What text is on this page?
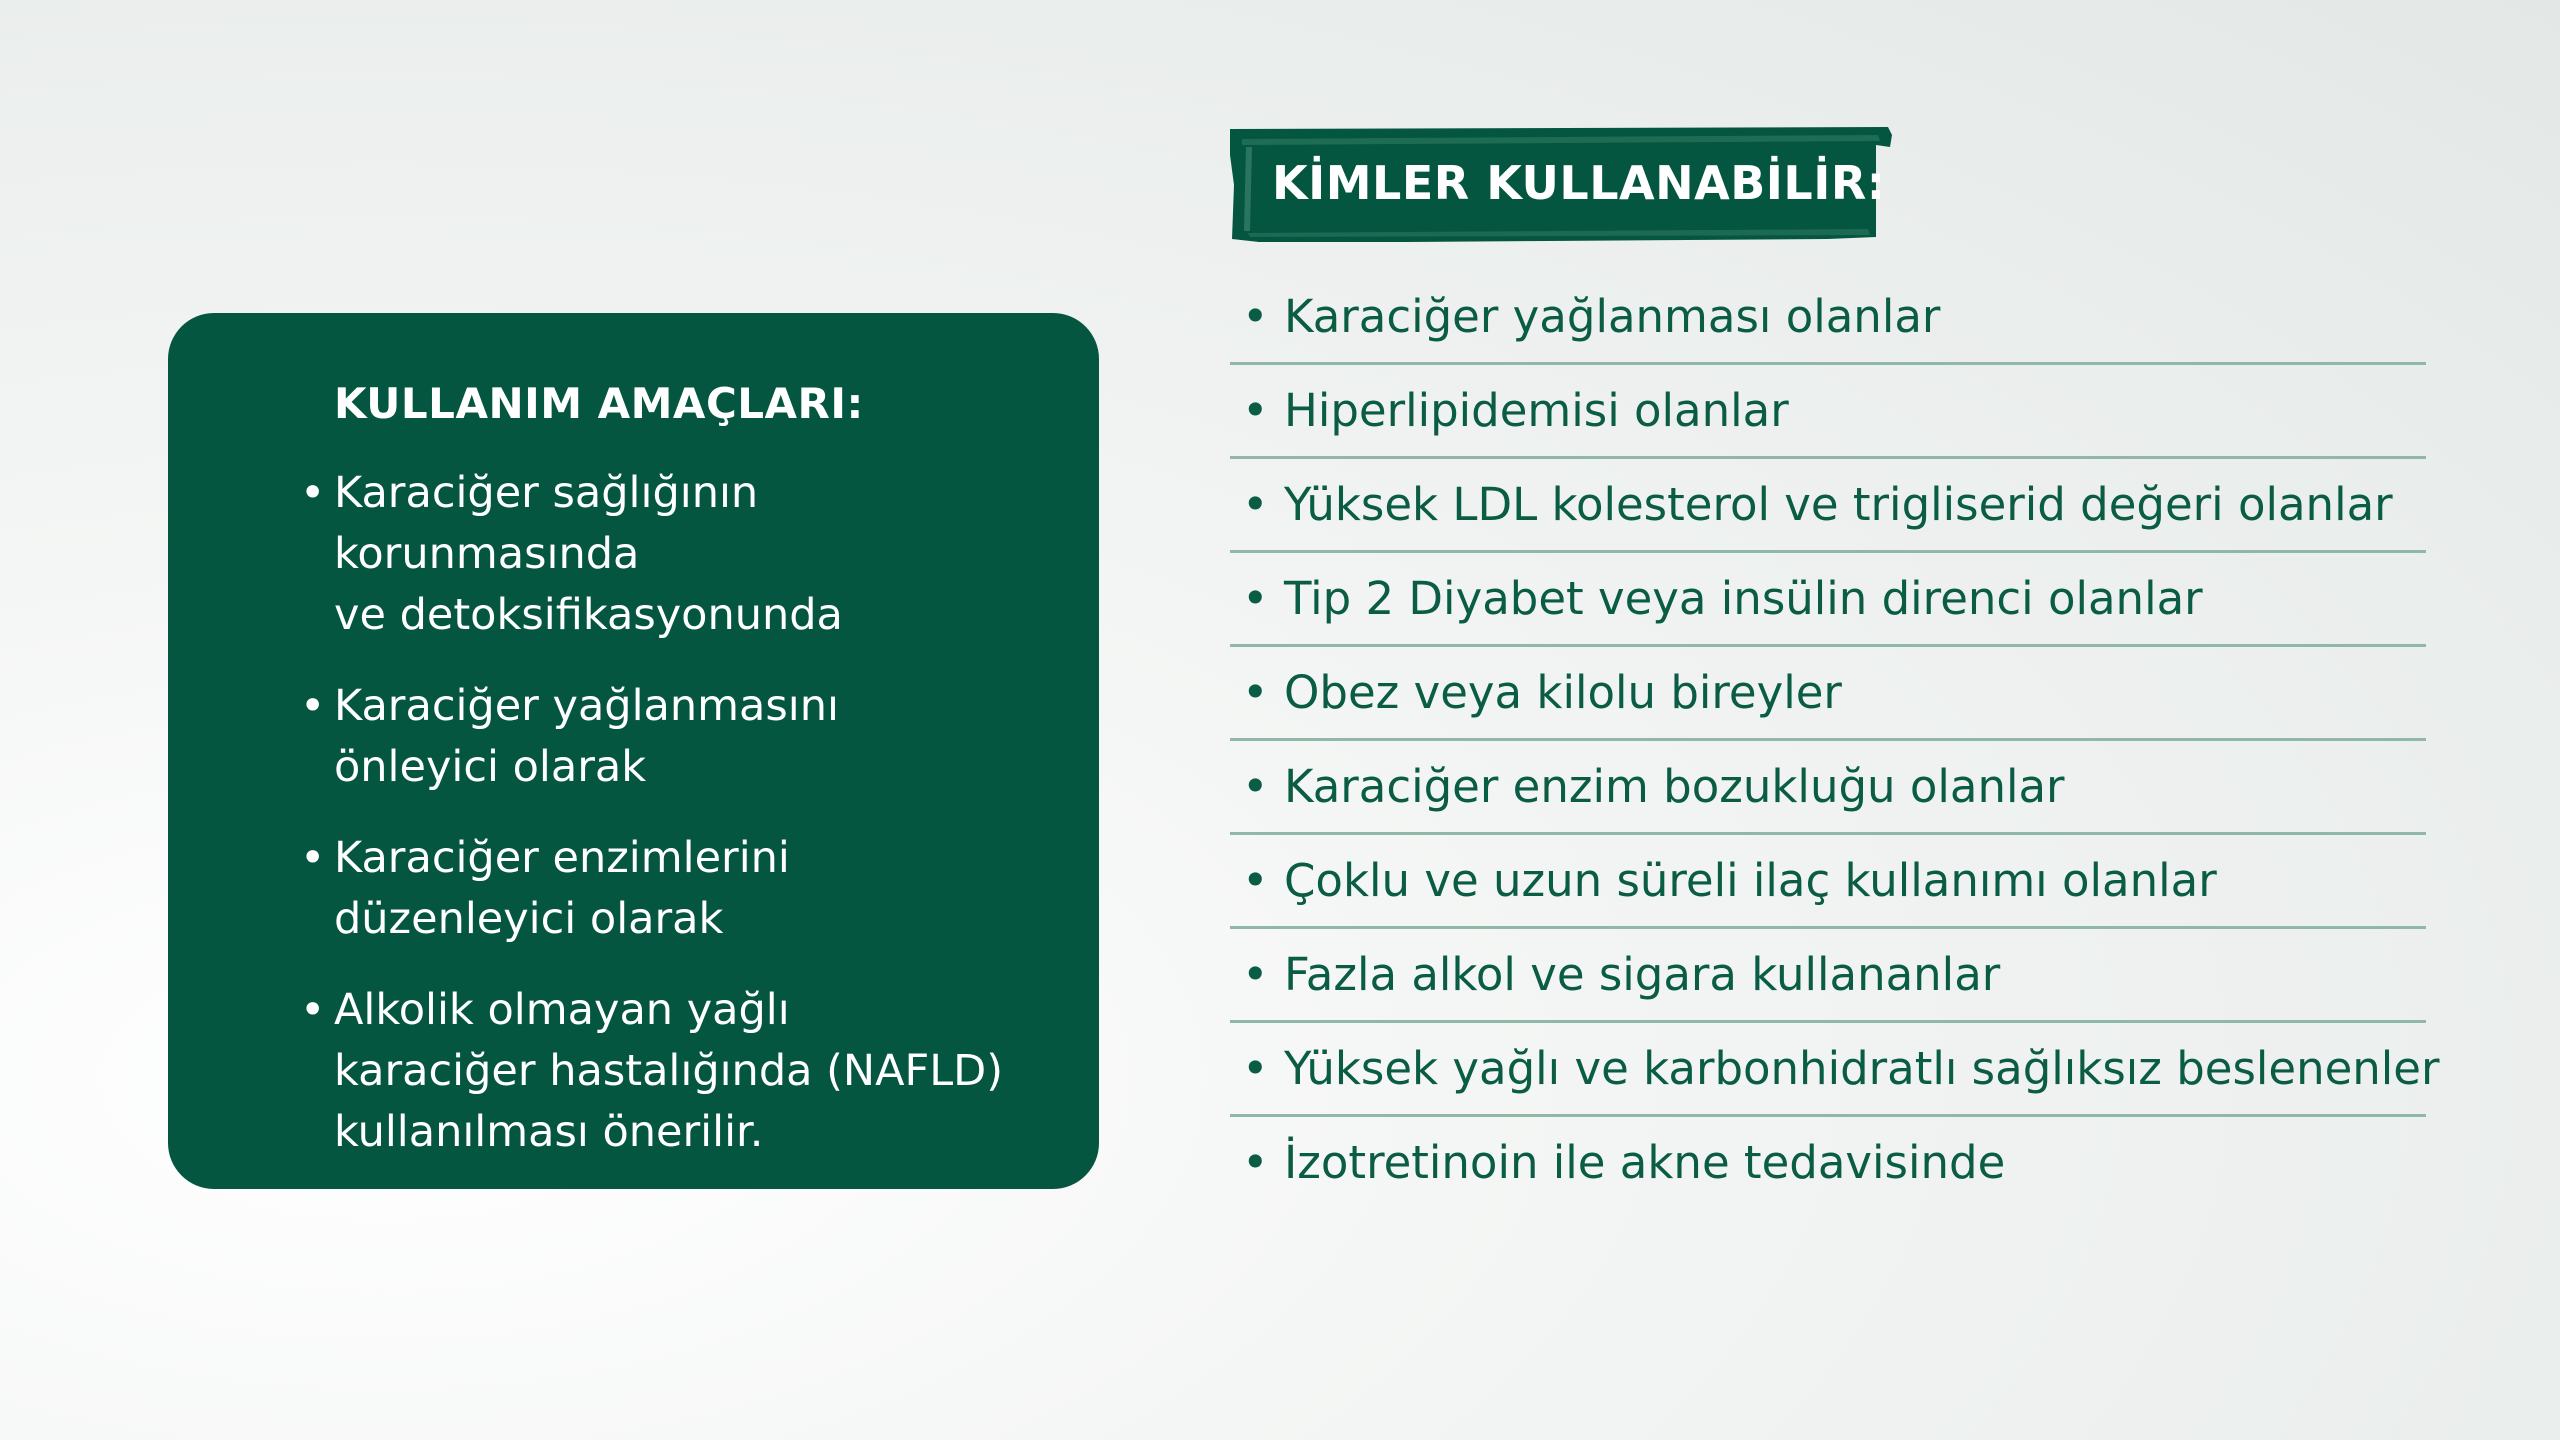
KULLANIM AMAÇLARI:
• Karaciğer sağlığının korunmasında
ve detoksifikasyonunda
• Karaciğer yağlanmasını
önleyici olarak
• Karaciğer enzimlerini
düzenleyici olarak
• Alkolik olmayan yağlı
karaciğer hastalığında (NAFLD)
kullanılması önerilir.
KİMLER KULLANABİLİR:
• Karaciğer yağlanması olanlar
• Hiperlipidemisi olanlar
• Yüksek LDL kolesterol ve trigliserid değeri olanlar
• Tip 2 Diyabet veya insülin direnci olanlar
• Obez veya kilolu bireyler
• Karaciğer enzim bozukluğu olanlar
• Çoklu ve uzun süreli ilaç kullanımı olanlar
• Fazla alkol ve sigara kullananlar
• Yüksek yağlı ve karbonhidratlı sağlıksız beslenenler
• İzotretinoin ile akne tedavisinde
